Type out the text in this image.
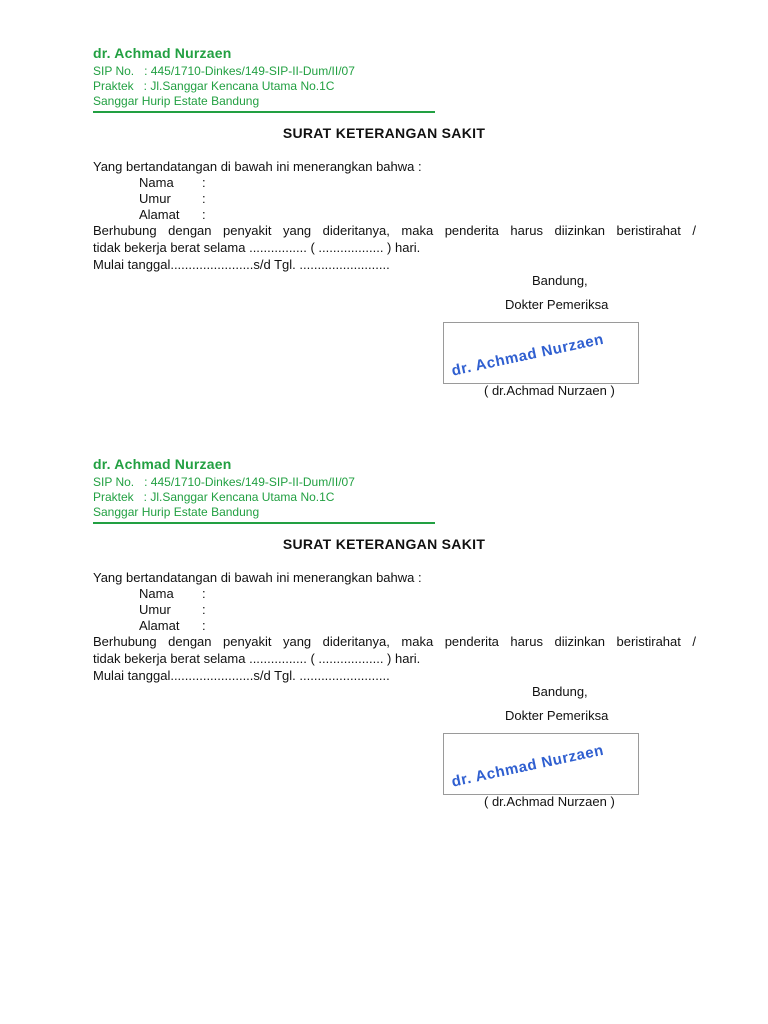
dr. Achmad Nurzaen
SIP No.   : 445/1710-Dinkes/149-SIP-II-Dum/II/07
Praktek   : Jl.Sanggar Kencana Utama No.1C
Sanggar Hurip Estate Bandung
SURAT KETERANGAN SAKIT
Yang bertandatangan di bawah ini menerangkan bahwa :
Nama :
Umur :
Alamat :
Berhubung dengan penyakit yang dideritanya, maka penderita harus diizinkan beristirahat /
tidak bekerja berat selama ................ ( .................. ) hari.
Mulai tanggal.......................s/d Tgl. .........................
Bandung,
Dokter Pemeriksa
dr. Achmad Nurzaen
( dr.Achmad Nurzaen )
dr. Achmad Nurzaen
SIP No.   : 445/1710-Dinkes/149-SIP-II-Dum/II/07
Praktek   : Jl.Sanggar Kencana Utama No.1C
Sanggar Hurip Estate Bandung
SURAT KETERANGAN SAKIT
Yang bertandatangan di bawah ini menerangkan bahwa :
Nama :
Umur :
Alamat :
Berhubung dengan penyakit yang dideritanya, maka penderita harus diizinkan beristirahat /
tidak bekerja berat selama ................ ( .................. ) hari.
Mulai tanggal.......................s/d Tgl. .........................
Bandung,
Dokter Pemeriksa
dr. Achmad Nurzaen
( dr.Achmad Nurzaen )
